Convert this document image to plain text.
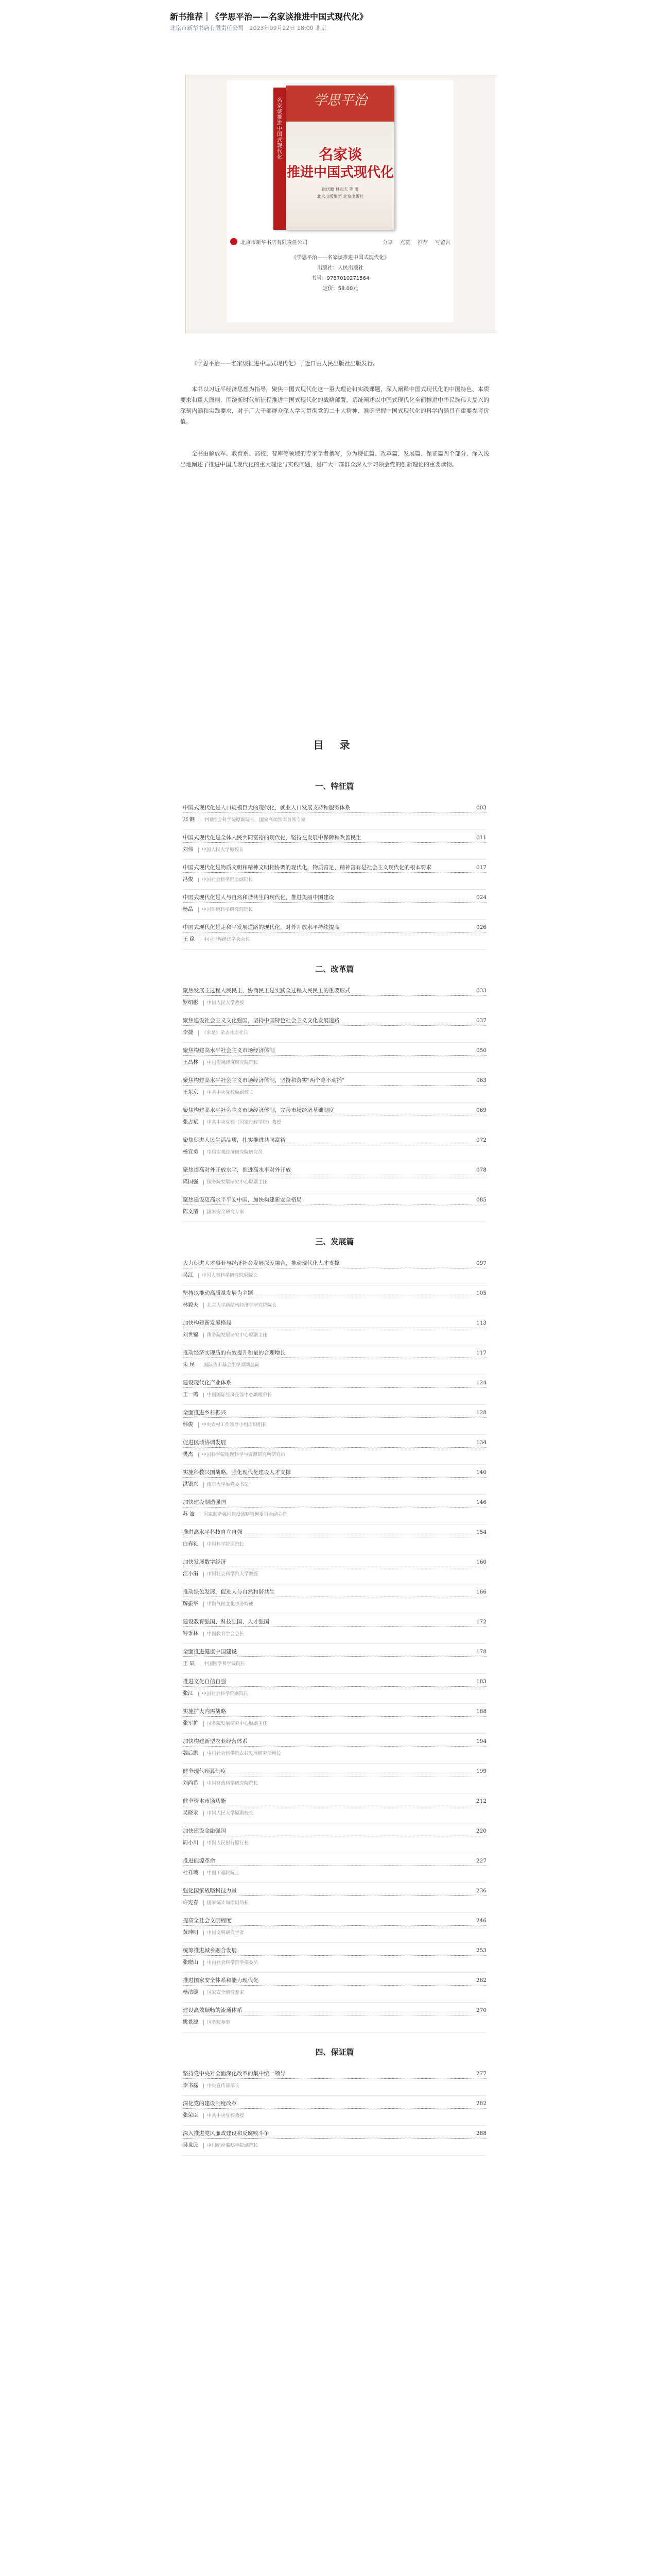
新书推荐｜《学思平治——名家谈推进中国式现代化》
北京市新华书店有限责任公司 2023年09月22日 18:00 北京
名家谈推进中国式现代化
学思平治
名家谈
推进中国式现代化
谢伏瞻 林毅夫 等 著
北京出版集团 北京出版社
北京市新华书店有限责任公司	分享 点赞 推荐 写留言
《学思平治——名家谈推进中国式现代化》
出版社：人民出版社
书号：9787010271564
定价：58.00元
《学思平治——名家谈推进中国式现代化》于近日由人民出版社出版发行。
本书以习近平经济思想为指导，聚焦中国式现代化这一重大理论和实践课题，深入阐释中国式现代化的中国特色、本质要求和重大原则，围绕新时代新征程推进中国式现代化的战略部署，系统阐述以中国式现代化全面推进中华民族伟大复兴的深刻内涵和实践要求，对于广大干部群众深入学习贯彻党的二十大精神、准确把握中国式现代化的科学内涵具有重要参考价值。
全书由解放军、教育系、高校、智库等领域的专家学者撰写，分为特征篇、改革篇、发展篇、保证篇四个部分，深入浅出地阐述了推进中国式现代化的重大理论与实践问题，是广大干部群众深入学习领会党的创新理论的重要读物。
目 录
一、特征篇
中国式现代化是人口规模巨大的现代化，就业人口发展支持和服务体系	003
郑 钢 中国社会科学院原副院长，国家高端智库首席专家
中国式现代化是全体人民共同富裕的现代化，坚持在发展中保障和改善民生	011
刘伟 中国人民大学原校长
中国式现代化是物质文明和精神文明相协调的现代化，物质富足、精神富有是社会主义现代化的根本要求	017
冯俊 中国社会科学院原副院长
中国式现代化是人与自然和谐共生的现代化，推进美丽中国建设	024
杨晶 中国环境科学研究院院长
中国式现代化是走和平发展道路的现代化，对外开放水平持续提高	026
王 稳 中国世界经济学会会长
二、改革篇
聚焦发展主过程人民民主，协商民主是实践全过程人民民主的重要形式	033
罗绍彬 中国人民大学教授
聚焦建设社会主义文化强国，坚持中国特色社会主义文化发展道路	037
李捷 《求是》杂志社原社长
聚焦构建高水平社会主义市场经济体制	050
王昌林 中国宏观经济研究院院长
聚焦构建高水平社会主义市场经济体制，坚持和落实"两个毫不动摇"	063
王东京 中共中央党校原副校长
聚焦构建高水平社会主义市场经济体制，完善市场经济基础制度	069
张占斌 中共中央党校（国家行政学院）教授
聚焦促进人民生活品质，扎实推进共同富裕	072
杨宜勇 中国宏观经济研究院研究员
聚焦提高对外开放水平，推进高水平对外开放	078
隆国强 国务院发展研究中心原副主任
聚焦建设更高水平平安中国，加快构建新安全格局	085
陈文清 国家安全研究专家
三、发展篇
大力促进人才事业与经济社会发展深度融合，推动现代化人才支撑	097
吴江 中国人事科学研究院原院长
坚持以推动高质量发展为主题	105
林毅夫 北京大学新结构经济学研究院院长
加快构建新发展格局	113
刘世锦 国务院发展研究中心原副主任
推动经济实现质的有效提升和量的合理增长	117
朱 民 国际货币基金组织原副总裁
建设现代化产业体系	124
王一鸣 中国国际经济交流中心副理事长
全面推进乡村振兴	128
韩俊 中央农村工作领导小组原副组长
促进区域协调发展	134
樊杰 中国科学院地理科学与资源研究所研究员
实施科教兴国战略，强化现代化建设人才支撑	140
洪银兴 南京大学原党委书记
加快建设制造强国	146
苏 波 国家制造强国建设战略咨询委员会副主任
推进高水平科技自立自强	154
白春礼 中国科学院原院长
加快发展数字经济	160
江小涓 中国社会科学院大学教授
推动绿色发展，促进人与自然和谐共生	166
解振华 中国气候变化事务特使
建设教育强国、科技强国、人才强国	172
钟秉林 中国教育学会会长
全面推进健康中国建设	178
王 辰 中国医学科学院院长
推进文化自信自强	183
张江 中国社会科学院副院长
实施扩大内需战略	188
张军扩 国务院发展研究中心原副主任
加快构建新型农业经营体系	194
魏后凯 中国社会科学院农村发展研究所所长
健全现代预算制度	199
刘尚希 中国财政科学研究院院长
健全资本市场功能	212
吴晓求 中国人民大学原副校长
加快建设金融强国	220
周小川 中国人民银行原行长
推进能源革命	227
杜祥琬 中国工程院院士
强化国家战略科技力量	236
许宪春 国家统计局原副局长
提高全社会文明程度	246
黄坤明 中国文明研究学者
统筹推进城乡融合发展	253
张晓山 中国社会科学院学部委员
推进国家安全体系和能力现代化	262
杨洁篪 国家安全研究专家
建设高效顺畅的流通体系	270
姚景源 国务院参事
四、保证篇
坚持党中央对全面深化改革的集中统一领导	277
李书磊 中央宣传部部长
深化党的建设制度改革	282
张荣臣 中共中央党校教授
深入推进党风廉政建设和反腐败斗争	288
吴世民 中国纪检监察学院副院长
